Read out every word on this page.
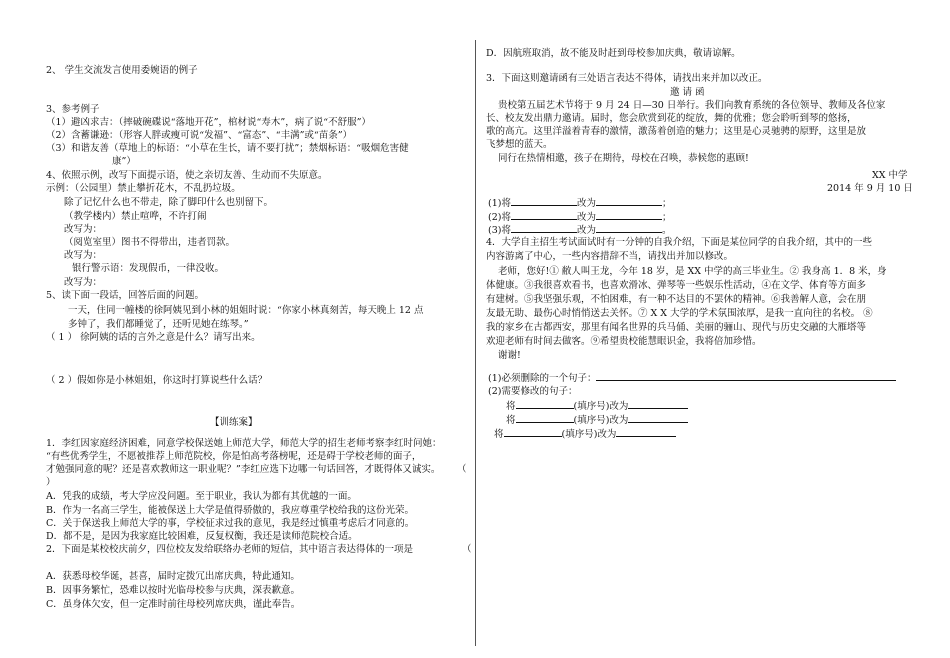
2、 学生交流发言使用委婉语的例子
3、参考例子
（1）避凶求吉：（摔破碗碟说“落地开花”，棺材说“寿木”，病了说“不舒服”）
（2）含蓄谦逊：（形容人胖或瘦可说“发福”、“富态”、“丰满”或“苗条”）
（3）和谐友善（草地上的标语：“小草在生长，请不要打扰”；禁烟标语：“吸烟危害健
康”）
4、依照示例，改写下面提示语，使之亲切友善、生动而不失原意。
示例：（公园里）禁止攀折花木，不乱扔垃圾。
除了记忆什么也不带走，除了脚印什么也别留下。
（教学楼内）禁止喧哗，不许打闹
改写为：
（阅览室里）图书不得带出，违者罚款。
改写为：
银行警示语：发现假币，一律没收。
改写为：
5、读下面一段话，回答后面的问题。
一天，住同一幢楼的徐阿姨见到小林的姐姐时说：“你家小林真刻苦，每天晚上 12 点
多钟了，我们都睡觉了，还听见她在练琴。”
（ 1 ） 徐阿姨的话的言外之意是什么？请写出来。
（ 2 ）假如你是小林姐姐，你这时打算说些什么话？
【训练案】
1．李红因家庭经济困难，同意学校保送她上师范大学，师范大学的招生老师考察李红时问她：
“有些优秀学生，不愿被推荐上师范院校，你是怕高考落榜呢，还是碍于学校老师的面子，
才勉强同意的呢？还是喜欢教师这一职业呢？”李红应选下边哪一句话回答，才既得体又诚实。 （
）
A．凭我的成绩，考大学应没问题。至于职业，我认为都有其优越的一面。
B．作为一名高三学生，能被保送上大学是值得骄傲的，我应尊重学校给我的这份光荣。
C．关于保送我上师范大学的事，学校征求过我的意见，我是经过慎重考虑后才同意的。
D．都不是，是因为我家庭比较困难，反复权衡，我还是读师范院校合适。
2．下面是某校校庆前夕，四位校友发给联络办老师的短信，其中语言表达得体的一项是	（
A．获悉母校华诞，甚喜，届时定拨冗出席庆典，特此通知。
B．因事务繁忙，恐难以按时光临母校参与庆典，深表歉意。
C．虽身体欠安，但一定准时前往母校列席庆典，谨此奉告。
D．因航班取消，故不能及时赶到母校参加庆典，敬请谅解。
3．下面这则邀请函有三处语言表达不得体，请找出来并加以改正。
邀 请 函
贵校第五届艺术节将于 9 月 24 日—30 日举行。我们向教育系统的各位领导、教师及各位家
长、校友发出鼎力邀请。届时，您会欣赏到花的绽放，舞的优雅；您会聆听到琴的悠扬，
歌的高亢。这里洋溢着青春的激情，激荡着创造的魅力；这里是心灵驰骋的原野，这里是放
飞梦想的蓝天。
同行在热情相邀，孩子在期待，母校在召唤，恭候您的惠顾!
XX 中学
2014 年 9 月 10 日
(1)将	改为	；
(2)将	改为	；
(3)将	改为	。
4．大学自主招生考试面试时有一分钟的自我介绍，下面是某位同学的自我介绍，其中的一些
内容游离了中心，一些内容措辞不当，请找出并加以修改。
老师，您好!① 敝人叫王龙，今年 18 岁，是 XX 中学的高三毕业生。② 我身高 1．8 米，身
体健康。③我很喜欢看书，也喜欢滑冰、弹琴等一些娱乐性活动，④在文学、体育等方面多
有建树。⑤我坚强乐观，不怕困难，有一种不达目的不罢休的精神。⑥我善解人意，会在朋
友最无助、最伤心时悄悄送去关怀。⑦ X X 大学的学术氛围浓厚，是我一直向往的名校。 ⑧
我的家乡在古都西安，那里有闻名世界的兵马俑、美丽的骊山、现代与历史交融的大雁塔等
欢迎老师有时间去做客。⑨希望贵校能慧眼识金，我将倍加珍惜。
谢谢!
(1)必须删除的一个句子：
(2)需要修改的句子：
将	(填序号)改为
将	(填序号)改为
将	(填序号)改为
